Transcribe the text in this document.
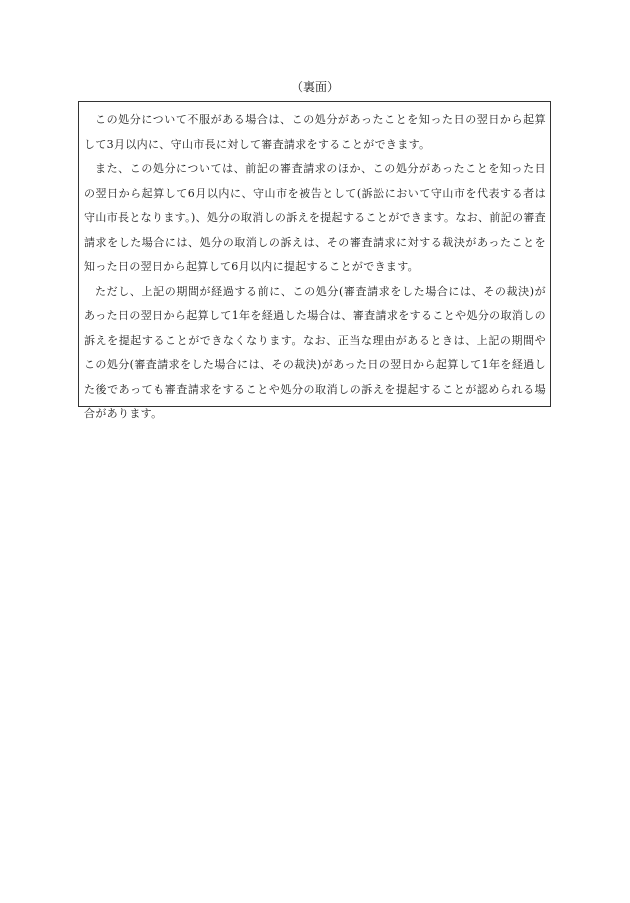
（裏面）

この処分について不服がある場合は、この処分があったことを知った日の翌日から起算して3月以内に、守山市長に対して審査請求をすることができます。

また、この処分については、前記の審査請求のほか、この処分があったことを知った日の翌日から起算して6月以内に、守山市を被告として(訴訟において守山市を代表する者は守山市長となります。)、処分の取消しの訴えを提起することができます。なお、前記の審査請求をした場合には、処分の取消しの訴えは、その審査請求に対する裁決があったことを知った日の翌日から起算して6月以内に提起することができます。

ただし、上記の期間が経過する前に、この処分(審査請求をした場合には、その裁決)があった日の翌日から起算して1年を経過した場合は、審査請求をすることや処分の取消しの訴えを提起することができなくなります。なお、正当な理由があるときは、上記の期間やこの処分(審査請求をした場合には、その裁決)があった日の翌日から起算して1年を経過した後であっても審査請求をすることや処分の取消しの訴えを提起することが認められる場合があります。
